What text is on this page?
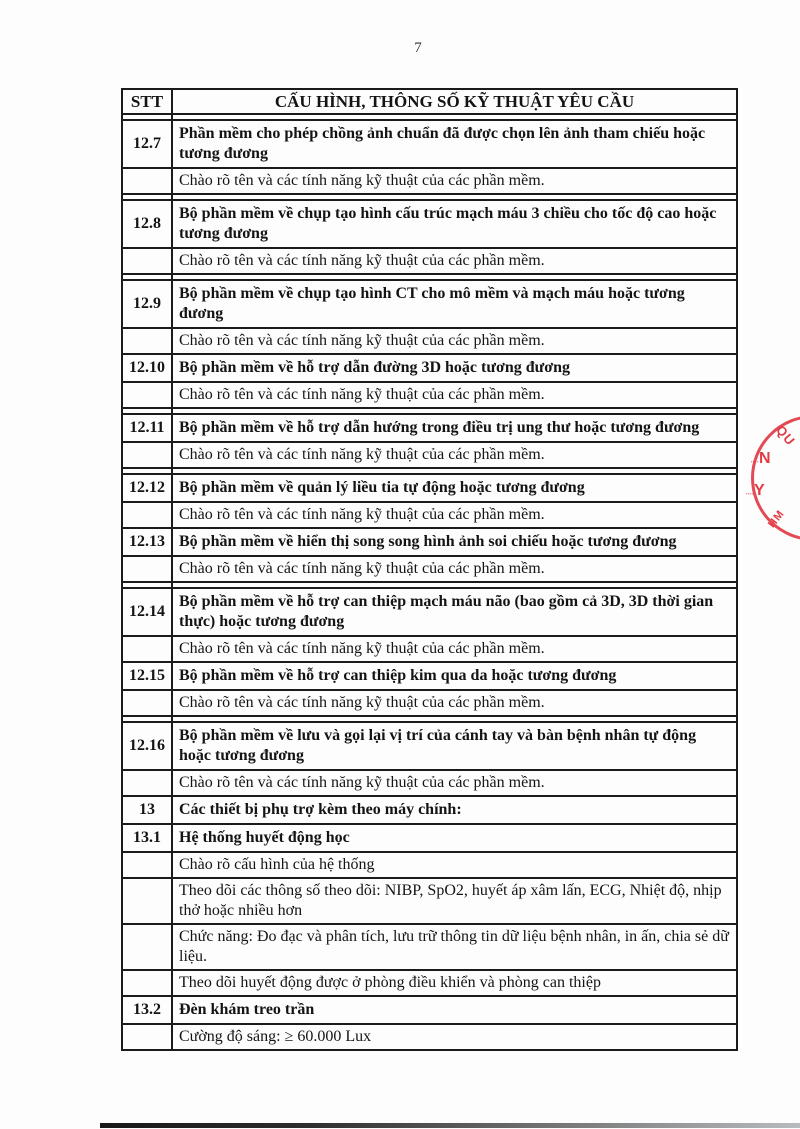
7
STT	CẤU HÌNH, THÔNG SỐ KỸ THUẬT YÊU CẦU

12.7	Phần mềm cho phép chồng ảnh chuẩn đã được chọn lên ảnh tham chiếu hoặc tương đương
	Chào rõ tên và các tính năng kỹ thuật của các phần mềm.

12.8	Bộ phần mềm về chụp tạo hình cấu trúc mạch máu 3 chiều cho tốc độ cao hoặc tương đương
	Chào rõ tên và các tính năng kỹ thuật của các phần mềm.

12.9	Bộ phần mềm về chụp tạo hình CT cho mô mềm và mạch máu hoặc tương đương
	Chào rõ tên và các tính năng kỹ thuật của các phần mềm.
12.10	Bộ phần mềm về hỗ trợ dẫn đường 3D hoặc tương đương
	Chào rõ tên và các tính năng kỹ thuật của các phần mềm.

12.11	Bộ phần mềm về hỗ trợ dẫn hướng trong điều trị ung thư hoặc tương đương
	Chào rõ tên và các tính năng kỹ thuật của các phần mềm.

12.12	Bộ phần mềm về quản lý liều tia tự động hoặc tương đương
	Chào rõ tên và các tính năng kỹ thuật của các phần mềm.
12.13	Bộ phần mềm về hiển thị song song hình ảnh soi chiếu hoặc tương đương
	Chào rõ tên và các tính năng kỹ thuật của các phần mềm.

12.14	Bộ phần mềm về hỗ trợ can thiệp mạch máu não (bao gồm cả 3D, 3D thời gian thực) hoặc tương đương
	Chào rõ tên và các tính năng kỹ thuật của các phần mềm.
12.15	Bộ phần mềm về hỗ trợ can thiệp kim qua da hoặc tương đương
	Chào rõ tên và các tính năng kỹ thuật của các phần mềm.

12.16	Bộ phần mềm về lưu và gọi lại vị trí của cánh tay và bàn bệnh nhân tự động hoặc tương đương
	Chào rõ tên và các tính năng kỹ thuật của các phần mềm.
13	Các thiết bị phụ trợ kèm theo máy chính:
13.1	Hệ thống huyết động học
	Chào rõ cấu hình của hệ thống
	Theo dõi các thông số theo dõi: NIBP, SpO2, huyết áp xâm lấn, ECG, Nhiệt độ, nhịp thở hoặc nhiều hơn
	Chức năng: Đo đạc và phân tích, lưu trữ thông tin dữ liệu bệnh nhân, in ấn, chia sẻ dữ liệu.
	Theo dõi huyết động được ở phòng điều khiển và phòng can thiệp
13.2	Đèn khám treo trần
	Cường độ sáng: ≥ 60.000 Lux
QU
᠁ N
᠁ Y
HM
